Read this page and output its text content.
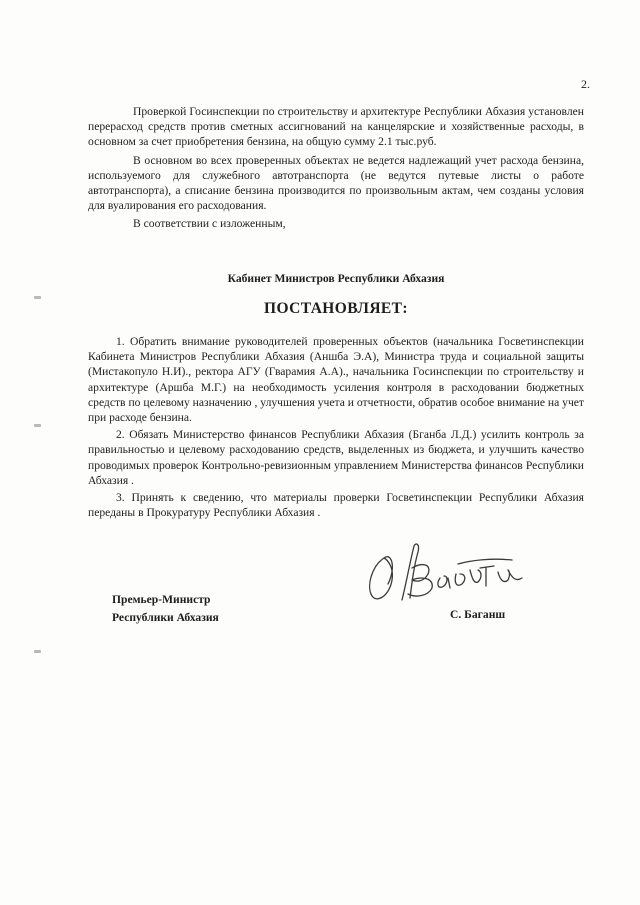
2.

Проверкой Госинспекции по строительству и архитектуре Республики Абхазия установлен перерасход средств против сметных ассигнований на канцелярские и хозяйственные расходы, в основном за счет приобретения бензина, на общую сумму 2.1 тыс.руб.

В основном во всех проверенных объектах не ведется надлежащий учет расхода бензина, используемого для служебного автотранспорта (не ведутся путевые листы о работе автотранспорта), а списание бензина производится по произвольным актам, чем созданы условия для вуалирования его расходования.

В соответствии с изложенным,

Кабинет Министров Республики Абхазия
ПОСТАНОВЛЯЕТ:

1. Обратить внимание руководителей проверенных объектов (начальника Госветинспекции Кабинета Министров Республики Абхазия (Аншба Э.А), Министра труда и социальной защиты (Мистакопуло Н.И)., ректора АГУ (Гварамия А.А)., начальника Госинспекции по строительству и архитектуре (Аршба М.Г.) на необходимость усиления контроля в расходовании бюджетных средств по целевому назначению , улучшения учета и отчетности, обратив особое внимание на учет при расходе бензина.

2. Обязать Министерство финансов Республики Абхазия (Бганба Л.Д.) усилить контроль за правильностью и целевому расходованию средств, выделенных из бюджета, и улучшить качество проводимых проверок Контрольно-ревизионным управлением Министерства финансов Республики Абхазия .

3. Принять к сведению, что материалы проверки Госветинспекции Республики Абхазия переданы в Прокуратуру Республики Абхазия .

Премьер-Министр
Республики Абхазия	С. Баганш
